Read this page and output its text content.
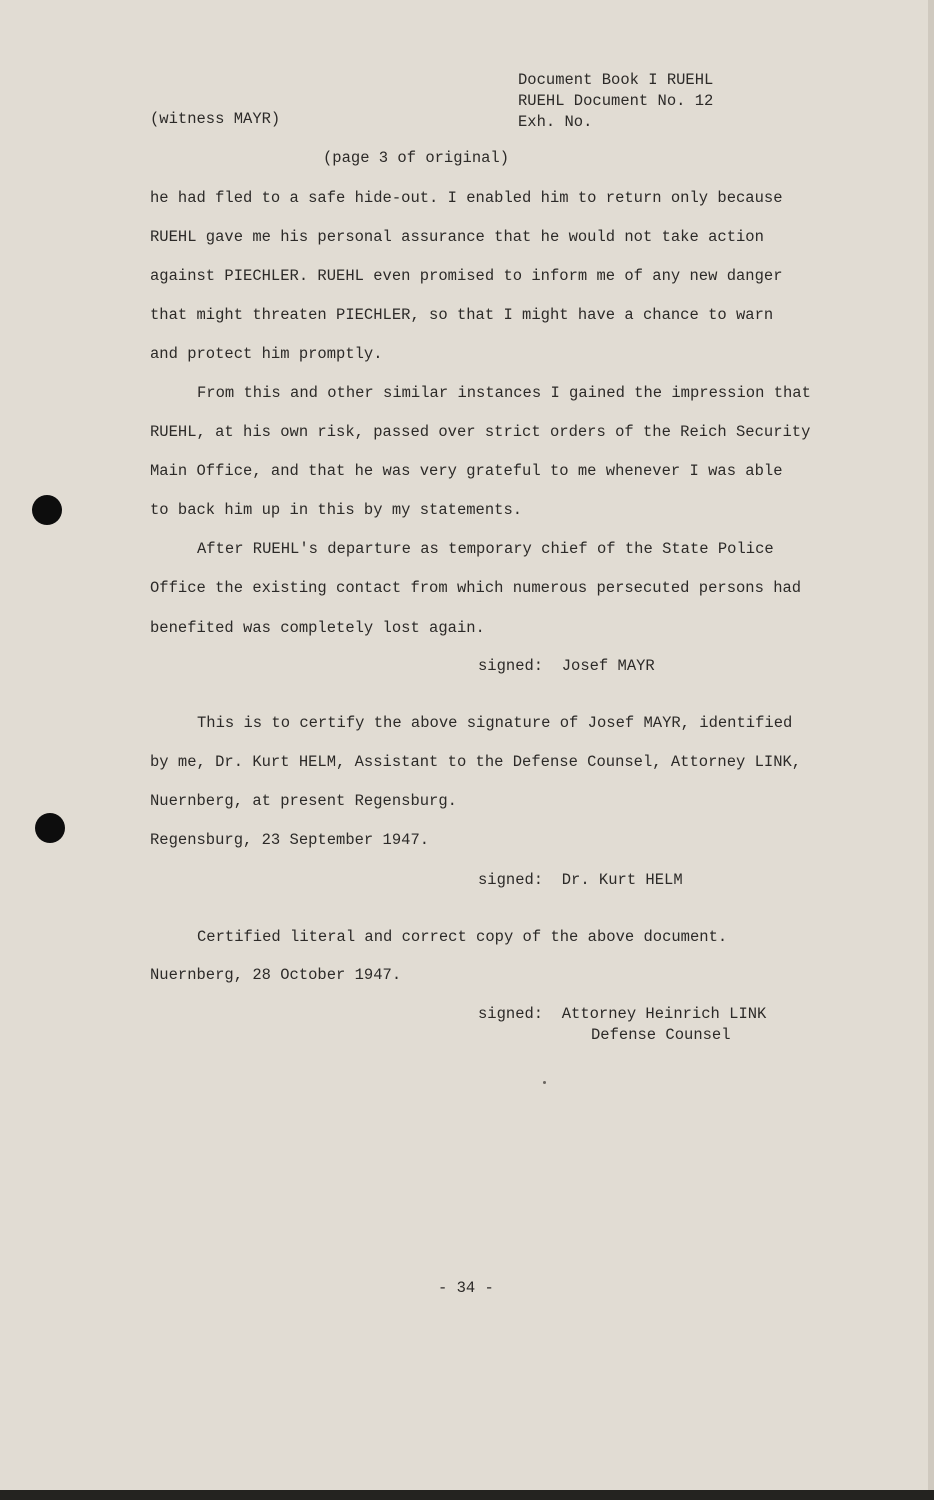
Document Book I RUEHL
RUEHL Document No. 12
Exh. No.
(witness MAYR)
(page 3 of original)
he had fled to a safe hide-out. I enabled him to return only because
RUEHL gave me his personal assurance that he would not take action
against PIECHLER. RUEHL even promised to inform me of any new danger
that might threaten PIECHLER, so that I might have a chance to warn
and protect him promptly.
From this and other similar instances I gained the impression that
RUEHL, at his own risk, passed over strict orders of the Reich Security
Main Office, and that he was very grateful to me whenever I was able
to back him up in this by my statements.
After RUEHL's departure as temporary chief of the State Police
Office the existing contact from which numerous persecuted persons had
benefited was completely lost again.
signed:  Josef MAYR
This is to certify the above signature of Josef MAYR, identified
by me, Dr. Kurt HELM, Assistant to the Defense Counsel, Attorney LINK,
Nuernberg, at present Regensburg.
Regensburg, 23 September 1947.
signed:  Dr. Kurt HELM
Certified literal and correct copy of the above document.
Nuernberg, 28 October 1947.
signed:  Attorney Heinrich LINK
Defense Counsel
- 34 -
